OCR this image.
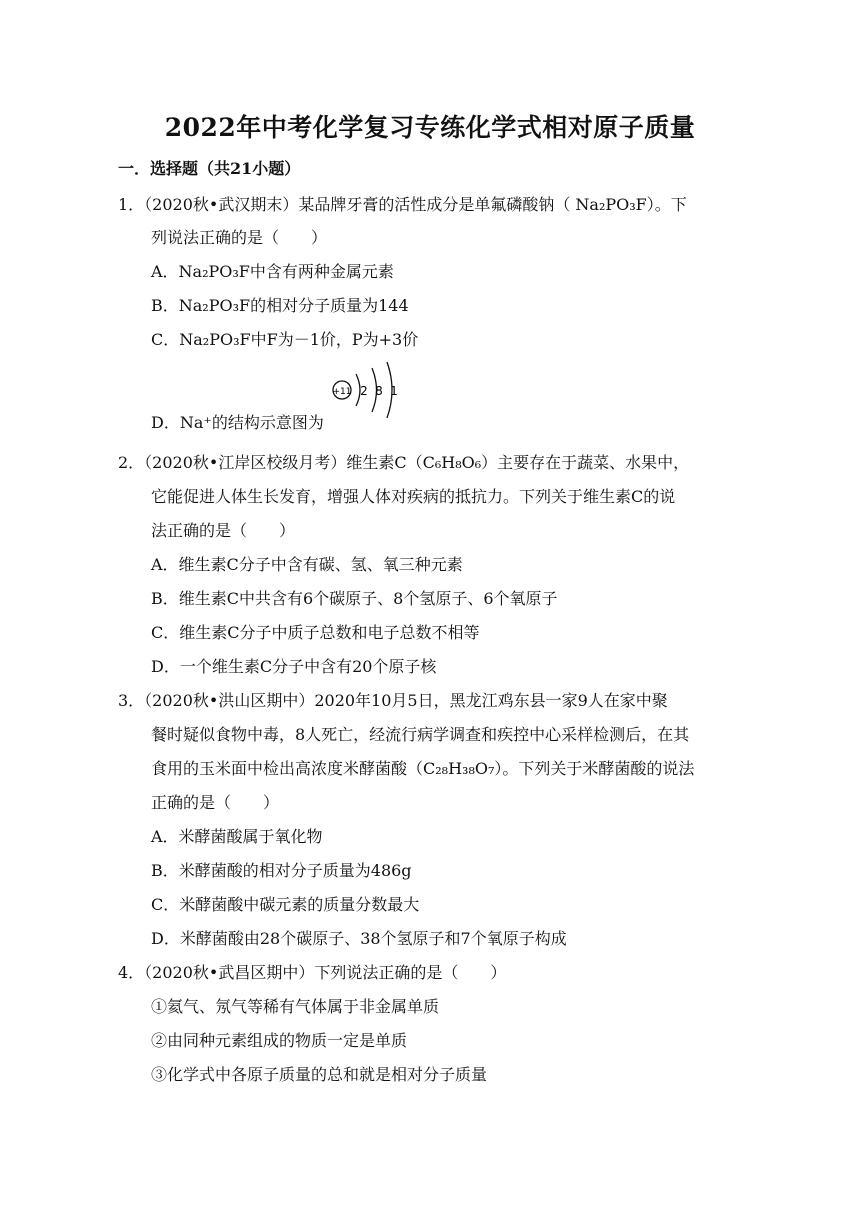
2022年中考化学复习专练化学式相对原子质量
一．选择题（共21小题）
1．（2020秋•武汉期末）某品牌牙膏的活性成分是单氟磷酸钠（ Na₂PO₃F）。下
列说法正确的是（　　）
A．Na₂PO₃F中含有两种金属元素
B．Na₂PO₃F的相对分子质量为144
C．Na₂PO₃F中F为－1价，P为+3价
D．Na⁺的结构示意图为
+11 2 8 1
2．（2020秋•江岸区校级月考）维生素C（C₆H₈O₆）主要存在于蔬菜、水果中，
它能促进人体生长发育，增强人体对疾病的抵抗力。下列关于维生素C的说
法正确的是（　　）
A．维生素C分子中含有碳、氢、氧三种元素
B．维生素C中共含有6个碳原子、8个氢原子、6个氧原子
C．维生素C分子中质子总数和电子总数不相等
D．一个维生素C分子中含有20个原子核
3．（2020秋•洪山区期中）2020年10月5日，黑龙江鸡东县一家9人在家中聚
餐时疑似食物中毒，8人死亡，经流行病学调查和疾控中心采样检测后，在其
食用的玉米面中检出高浓度米酵菌酸（C₂₈H₃₈O₇）。下列关于米酵菌酸的说法
正确的是（　　）
A．米酵菌酸属于氧化物
B．米酵菌酸的相对分子质量为486g
C．米酵菌酸中碳元素的质量分数最大
D．米酵菌酸由28个碳原子、38个氢原子和7个氧原子构成
4．（2020秋•武昌区期中）下列说法正确的是（　　）
①氦气、氖气等稀有气体属于非金属单质
②由同种元素组成的物质一定是单质
③化学式中各原子质量的总和就是相对分子质量
